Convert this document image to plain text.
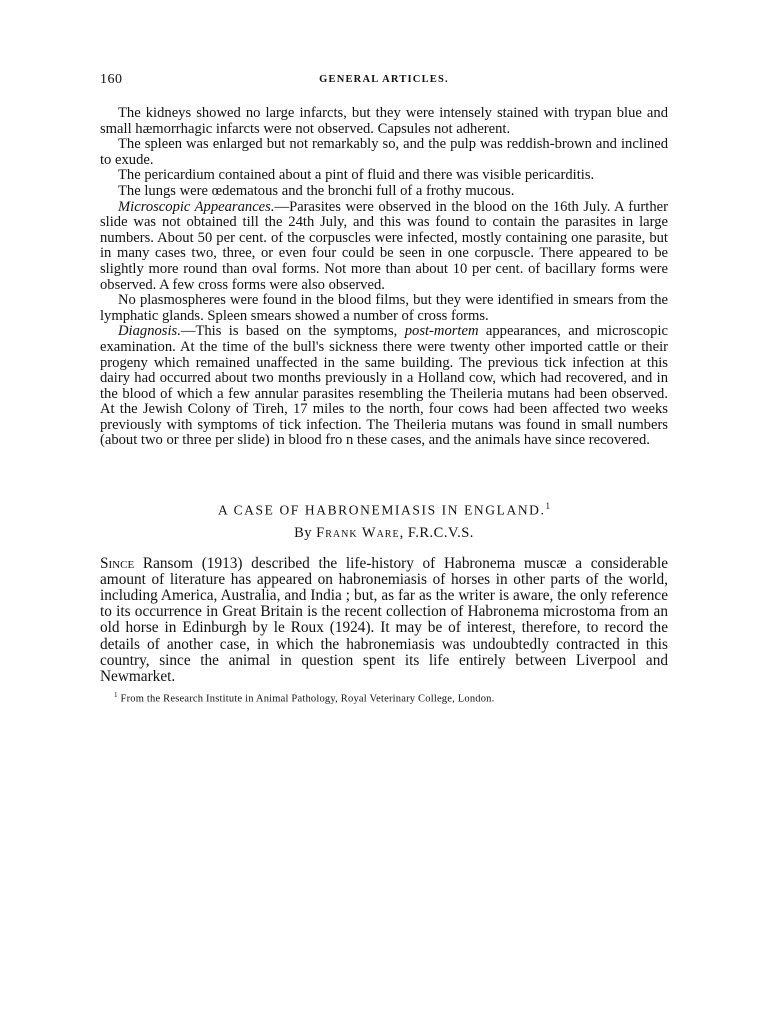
160	GENERAL ARTICLES.

The kidneys showed no large infarcts, but they were intensely stained with trypan blue and small hæmorrhagic infarcts were not observed. Capsules not adherent.

The spleen was enlarged but not remarkably so, and the pulp was reddish-brown and inclined to exude.

The pericardium contained about a pint of fluid and there was visible pericarditis.

The lungs were œdematous and the bronchi full of a frothy mucous.

Microscopic Appearances.—Parasites were observed in the blood on the 16th July. A further slide was not obtained till the 24th July, and this was found to contain the parasites in large numbers. About 50 per cent. of the corpuscles were infected, mostly containing one parasite, but in many cases two, three, or even four could be seen in one corpuscle. There appeared to be slightly more round than oval forms. Not more than about 10 per cent. of bacillary forms were observed. A few cross forms were also observed.

No plasmospheres were found in the blood films, but they were identified in smears from the lymphatic glands. Spleen smears showed a number of cross forms.

Diagnosis.—This is based on the symptoms, post-mortem appearances, and microscopic examination. At the time of the bull's sickness there were twenty other imported cattle or their progeny which remained unaffected in the same building. The previous tick infection at this dairy had occurred about two months previously in a Holland cow, which had recovered, and in the blood of which a few annular parasites resembling the Theileria mutans had been observed. At the Jewish Colony of Tireh, 17 miles to the north, four cows had been affected two weeks previously with symptoms of tick infection. The Theileria mutans was found in small numbers (about two or three per slide) in blood fro n these cases, and the animals have since recovered.

A CASE OF HABRONEMIASIS IN ENGLAND.$^1$
By Frank Ware, F.R.C.V.S.

Since Ransom (1913) described the life-history of Habronema muscæ a considerable amount of literature has appeared on habronemiasis of horses in other parts of the world, including America, Australia, and India ; but, as far as the writer is aware, the only reference to its occurrence in Great Britain is the recent collection of Habronema microstoma from an old horse in Edinburgh by le Roux (1924). It may be of interest, therefore, to record the details of another case, in which the habronemiasis was undoubtedly contracted in this country, since the animal in question spent its life entirely between Liverpool and Newmarket.

$^1$ From the Research Institute in Animal Pathology, Royal Veterinary College, London.
